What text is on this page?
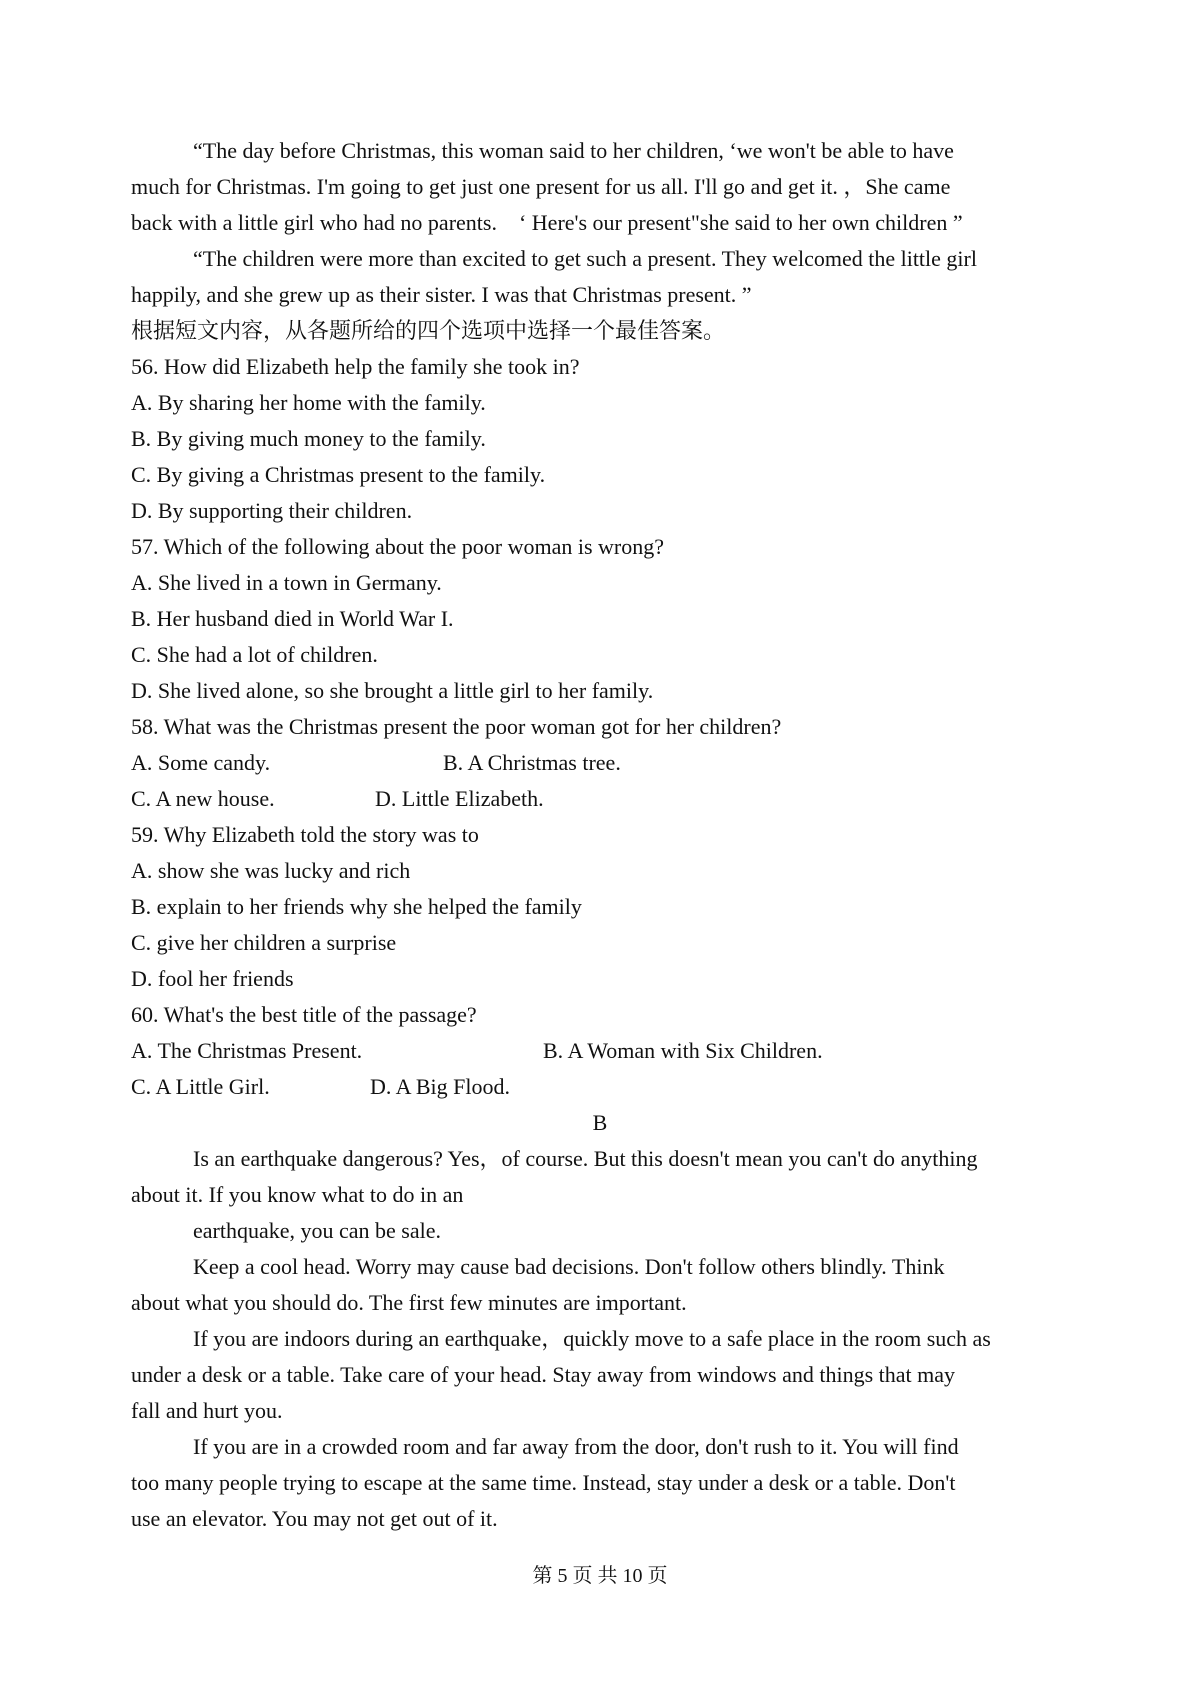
“The day before Christmas, this woman said to her children, ‘we won't be able to have
much for Christmas. I'm going to get just one present for us all. I'll go and get it. ，She came
back with a little girl who had no parents.　‘ Here's our present"she said to her own children ”
“The children were more than excited to get such a present. They welcomed the little girl
happily, and she grew up as their sister. I was that Christmas present. ”
根据短文内容，从各题所给的四个选项中选择一个最佳答案。
56. How did Elizabeth help the family she took in?
A. By sharing her home with the family.
B. By giving much money to the family.
C. By giving a Christmas present to the family.
D. By supporting their children.
57. Which of the following about the poor woman is wrong?
A. She lived in a town in Germany.
B. Her husband died in World War I.
C. She had a lot of children.
D. She lived alone, so she brought a little girl to her family.
58. What was the Christmas present the poor woman got for her children?
A. Some candy.	B. A Christmas tree.
C. A new house.	D. Little Elizabeth.
59. Why Elizabeth told the story was to
A. show she was lucky and rich
B. explain to her friends why she helped the family
C. give her children a surprise
D. fool her friends
60. What's the best title of the passage?
A. The Christmas Present.	B. A Woman with Six Children.
C. A Little Girl.	D. A Big Flood.
B
Is an earthquake dangerous? Yes，of course. But this doesn't mean you can't do anything
about it. If you know what to do in an
earthquake, you can be sale.
Keep a cool head. Worry may cause bad decisions. Don't follow others blindly. Think
about what you should do. The first few minutes are important.
If you are indoors during an earthquake，quickly move to a safe place in the room such as
under a desk or a table. Take care of your head. Stay away from windows and things that may
fall and hurt you.
If you are in a crowded room and far away from the door, don't rush to it. You will find
too many people trying to escape at the same time. Instead, stay under a desk or a table. Don't
use an elevator. You may not get out of it.
第 5 页 共 10 页
